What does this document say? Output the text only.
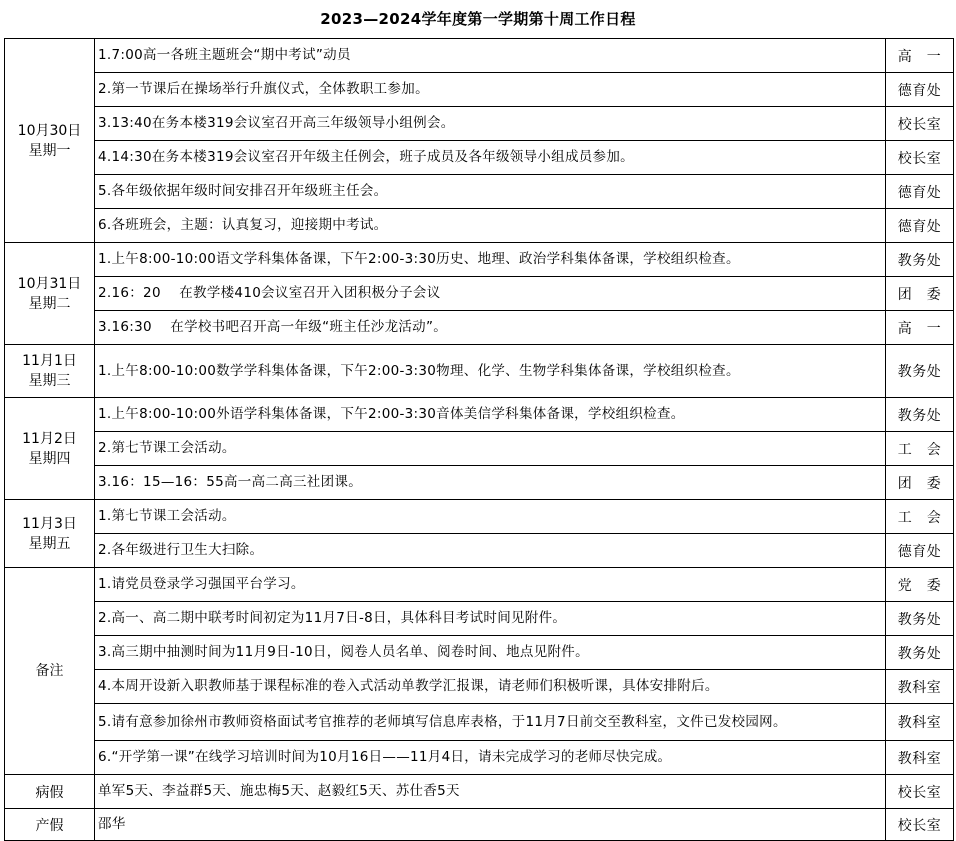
2023—2024学年度第一学期第十周工作日程
10月30日
星期一	1.7:00高一各班主题班会“期中考试”动员	高　一
	2.第一节课后在操场举行升旗仪式，全体教职工参加。	德育处
	3.13:40在务本楼319会议室召开高三年级领导小组例会。	校长室
	4.14:30在务本楼319会议室召开年级主任例会，班子成员及各年级领导小组成员参加。	校长室
	5.各年级依据年级时间安排召开年级班主任会。	德育处
	6.各班班会，主题：认真复习，迎接期中考试。	德育处

10月31日
星期二	1.上午8:00-10:00语文学科集体备课，下午2:00-3:30历史、地理、政治学科集体备课，学校组织检查。	教务处
	2.16：20　 在教学楼410会议室召开入团积极分子会议	团　委
	3.16:30　 在学校书吧召开高一年级“班主任沙龙活动”。	高　一

11月1日
星期三	1.上午8:00-10:00数学学科集体备课，下午2:00-3:30物理、化学、生物学科集体备课，学校组织检查。	教务处

11月2日
星期四	1.上午8:00-10:00外语学科集体备课，下午2:00-3:30音体美信学科集体备课，学校组织检查。	教务处
	2.第七节课工会活动。	工　会
	3.16：15—16：55高一高二高三社团课。	团　委

11月3日
星期五	1.第七节课工会活动。	工　会
	2.各年级进行卫生大扫除。	德育处

备注	1.请党员登录学习强国平台学习。	党　委
	2.高一、高二期中联考时间初定为11月7日-8日，具体科目考试时间见附件。	教务处
	3.高三期中抽测时间为11月9日-10日，阅卷人员名单、阅卷时间、地点见附件。	教务处
	4.本周开设新入职教师基于课程标准的卷入式活动单教学汇报课，请老师们积极听课，具体安排附后。	教科室
	5.请有意参加徐州市教师资格面试考官推荐的老师填写信息库表格，于11月7日前交至教科室，文件已发校园网。	教科室
	6.“开学第一课”在线学习培训时间为10月16日——11月4日，请未完成学习的老师尽快完成。	教科室
病假	单军5天、李益群5天、施忠梅5天、赵毅红5天、苏仕香5天	校长室
产假	邵华	校长室
